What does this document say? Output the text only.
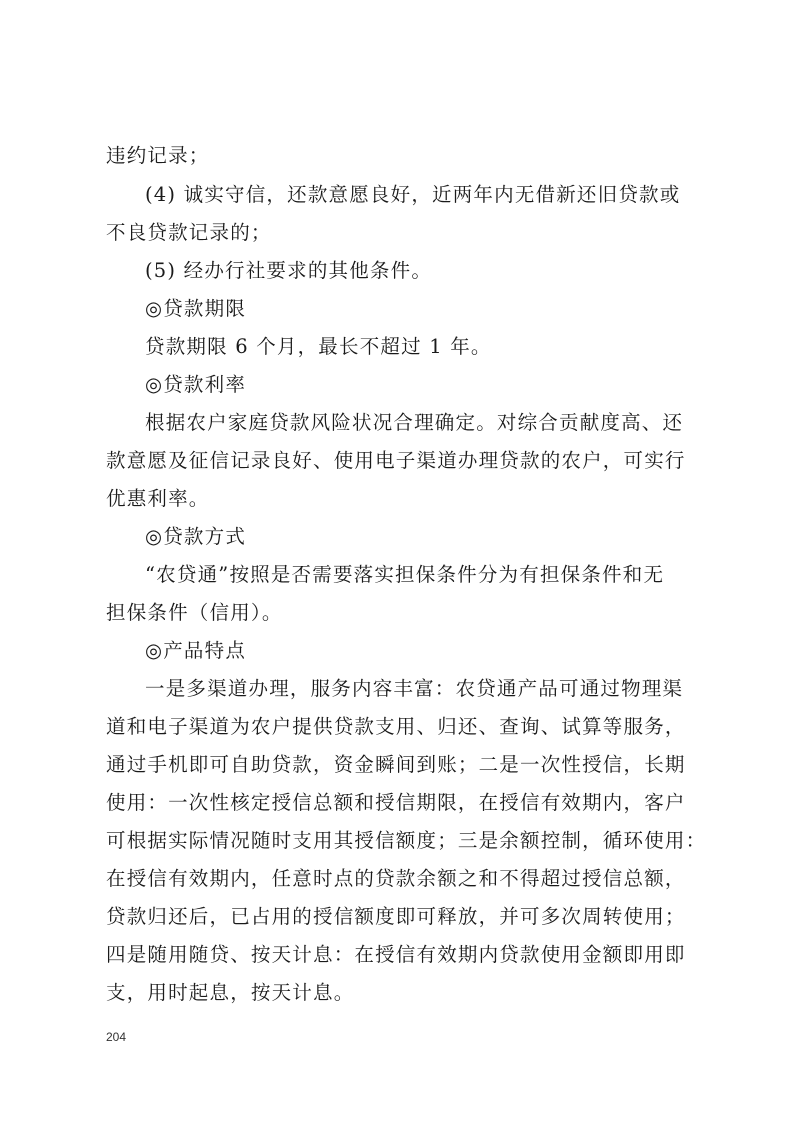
违约记录；
(4) 诚实守信，还款意愿良好，近两年内无借新还旧贷款或
不良贷款记录的；
(5) 经办行社要求的其他条件。
◎贷款期限
贷款期限 6 个月，最长不超过 1 年。
◎贷款利率
根据农户家庭贷款风险状况合理确定。对综合贡献度高、还
款意愿及征信记录良好、使用电子渠道办理贷款的农户，可实行
优惠利率。
◎贷款方式
“农贷通”按照是否需要落实担保条件分为有担保条件和无
担保条件（信用）。
◎产品特点
一是多渠道办理，服务内容丰富：农贷通产品可通过物理渠
道和电子渠道为农户提供贷款支用、归还、查询、试算等服务，
通过手机即可自助贷款，资金瞬间到账；二是一次性授信，长期
使用：一次性核定授信总额和授信期限，在授信有效期内，客户
可根据实际情况随时支用其授信额度；三是余额控制，循环使用：
在授信有效期内，任意时点的贷款余额之和不得超过授信总额，
贷款归还后，已占用的授信额度即可释放，并可多次周转使用；
四是随用随贷、按天计息：在授信有效期内贷款使用金额即用即
支，用时起息，按天计息。
204
